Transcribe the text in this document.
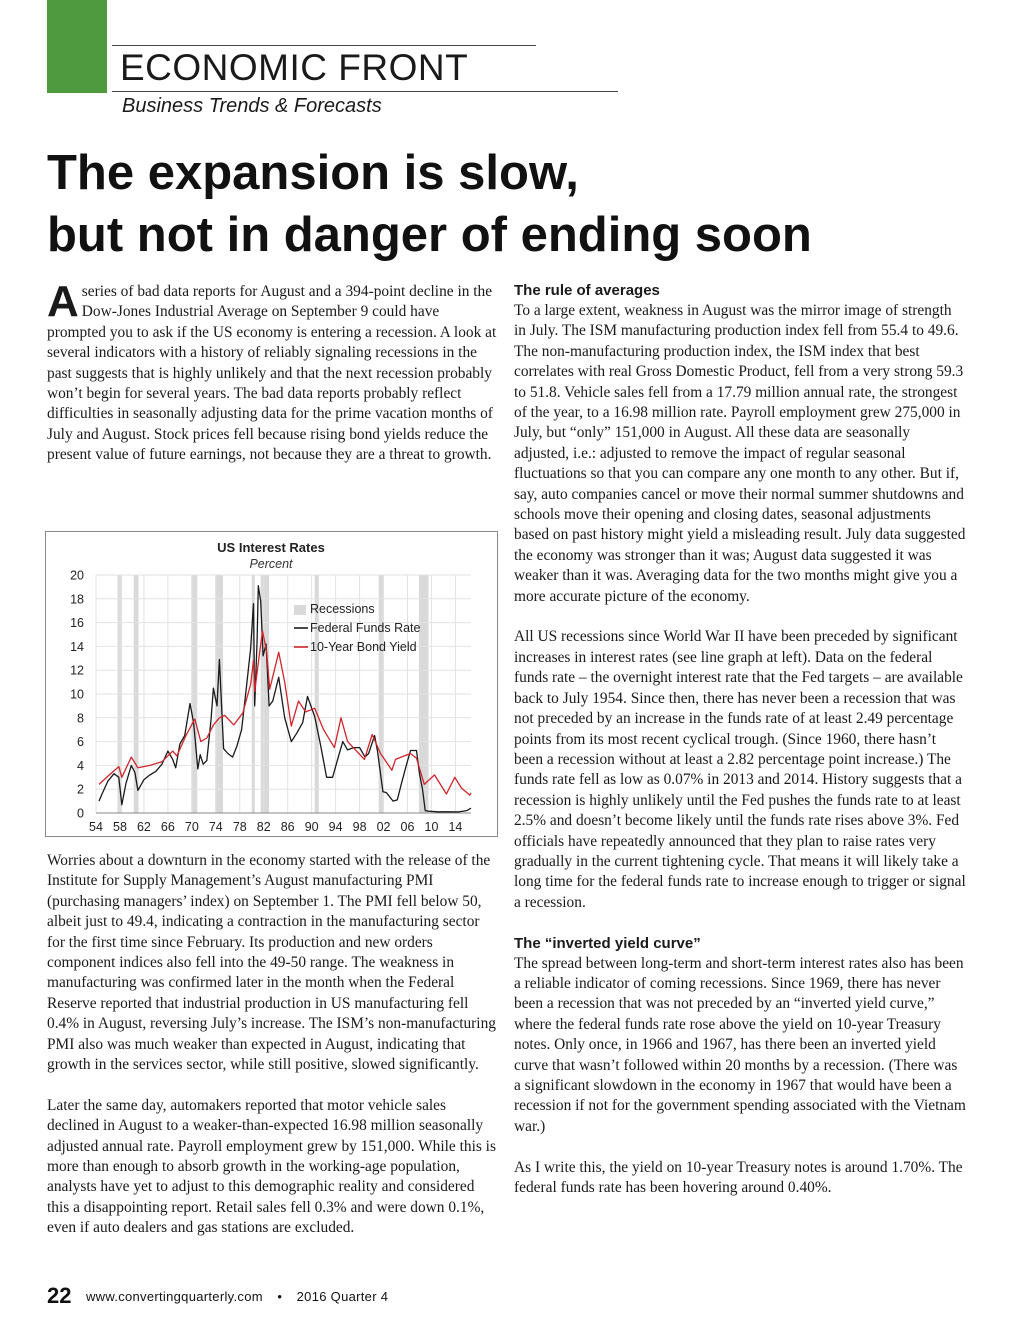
ECONOMIC FRONT
Business Trends & Forecasts
The expansion is slow,
but not in danger of ending soon

Aseries of bad data reports for August and a 394-point decline in the Dow-Jones Industrial Average on September 9 could have prompted you to ask if the US economy is entering a recession. A look at several indicators with a history of reliably signaling recessions in the past suggests that is highly unlikely and that the next recession probably won’t begin for several years. The bad data reports probably reflect difficulties in seasonally adjusting data for the prime vacation months of July and August. Stock prices fell because rising bond yields reduce the present value of future earnings, not because they are a threat to growth.

0
2
4
6
8
10
12
14
16
18
20
54 58 62 66 70 74 78 82 86 90 94 98 02 06 10 14
US Interest Rates
Percent
Recessions
Federal Funds Rate
10-Year Bond Yield

Worries about a downturn in the economy started with the release of the Institute for Supply Management’s August manufacturing PMI (purchasing managers’ index) on September 1. The PMI fell below 50, albeit just to 49.4, indicating a contraction in the manufacturing sector for the first time since February. Its production and new orders component indices also fell into the 49-50 range. The weakness in manufacturing was confirmed later in the month when the Federal Reserve reported that industrial production in US manufacturing fell 0.4% in August, reversing July’s increase. The ISM’s non-manufacturing PMI also was much weaker than expected in August, indicating that growth in the services sector, while still positive, slowed significantly.

Later the same day, automakers reported that motor vehicle sales declined in August to a weaker-than-expected 16.98 million seasonally adjusted annual rate. Payroll employment grew by 151,000. While this is more than enough to absorb growth in the working-age population, analysts have yet to adjust to this demographic reality and considered this a disappointing report. Retail sales fell 0.3% and were down 0.1%, even if auto dealers and gas stations are excluded.

The rule of averages

To a large extent, weakness in August was the mirror image of strength in July. The ISM manufacturing production index fell from 55.4 to 49.6. The non-manufacturing production index, the ISM index that best correlates with real Gross Domestic Product, fell from a very strong 59.3 to 51.8. Vehicle sales fell from a 17.79 million annual rate, the strongest of the year, to a 16.98 million rate. Payroll employment grew 275,000 in July, but “only” 151,000 in August. All these data are seasonally adjusted, i.e.: adjusted to remove the impact of regular seasonal fluctuations so that you can compare any one month to any other. But if, say, auto companies cancel or move their normal summer shutdowns and schools move their opening and closing dates, seasonal adjustments based on past history might yield a misleading result. July data suggested the economy was stronger than it was; August data suggested it was weaker than it was. Averaging data for the two months might give you a more accurate picture of the economy.

All US recessions since World War II have been preceded by significant increases in interest rates (see line graph at left). Data on the federal funds rate – the overnight interest rate that the Fed targets – are available back to July 1954. Since then, there has never been a recession that was not preceded by an increase in the funds rate of at least 2.49 percentage points from its most recent cyclical trough. (Since 1960, there hasn’t been a recession without at least a 2.82 percentage point increase.) The funds rate fell as low as 0.07% in 2013 and 2014. History suggests that a recession is highly unlikely until the Fed pushes the funds rate to at least 2.5% and doesn’t become likely until the funds rate rises above 3%. Fed officials have repeatedly announced that they plan to raise rates very gradually in the current tightening cycle. That means it will likely take a long time for the federal funds rate to increase enough to trigger or signal a recession.

The “inverted yield curve”

The spread between long-term and short-term interest rates also has been a reliable indicator of coming recessions. Since 1969, there has never been a recession that was not preceded by an “inverted yield curve,” where the federal funds rate rose above the yield on 10-year Treasury notes. Only once, in 1966 and 1967, has there been an inverted yield curve that wasn’t followed within 20 months by a recession. (There was a significant slowdown in the economy in 1967 that would have been a recession if not for the government spending associated with the Vietnam war.)

As I write this, the yield on 10-year Treasury notes is around 1.70%. The federal funds rate has been hovering around 0.40%.

22 www.convertingquarterly.com • 2016 Quarter 4
